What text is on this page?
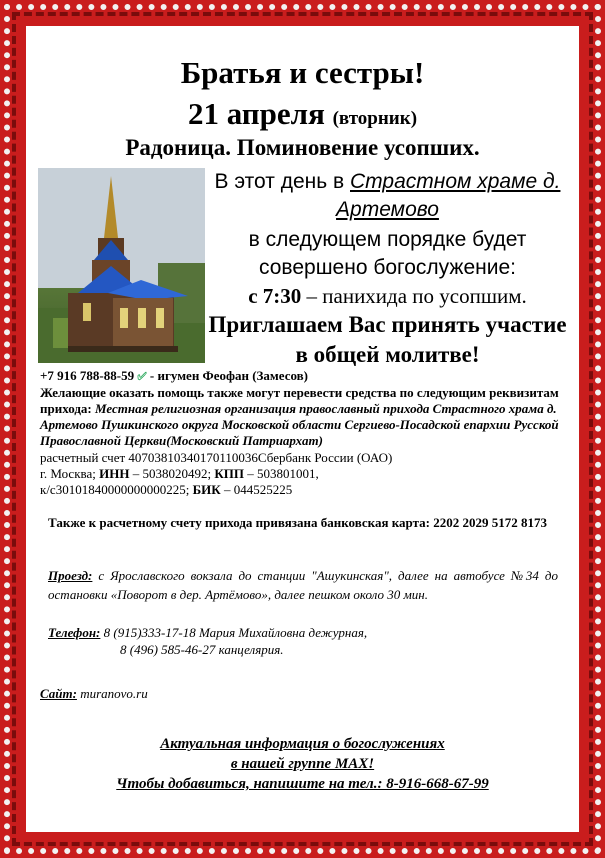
Братья и сестры!
21 апреля (вторник)
Радоница. Поминовение усопших.
В этот день в Страстном храме д. Артемово
в следующем порядке будет
совершено богослужение:
с 7:30 – панихида по усопшим.
Приглашаем Вас принять участие в общей молитве!
+7 916 788-88-59 ✅︎ - игумен Феофан (Замесов)
Желающие оказать помощь также могут перевести средства по следующим реквизитам прихода: Местная религиозная организация православный прихода Страстного храма д. Артемово Пушкинского округа Московской области Сергиево-Посадской епархии Русской Православной Церкви(Московский Патриархат)
расчетный счет 40703810340170110036Сбербанк России (ОАО)
г. Москва; ИНН – 5038020492; КПП – 503801001,
к/с30101840000000000225; БИК – 044525225
Также к расчетному счету прихода привязана банковская карта: 2202 2029 5172 8173
Проезд: с Ярославского вокзала до станции "Ашукинская", далее на автобусе №34 до остановки «Поворот в дер. Артёмово», далее пешком около 30 мин.
Телефон: 8 (915)333-17-18 Мария Михайловна дежурная,
8 (496) 585-46-27 канцелярия.
Сайт: muranovo.ru
Актуальная информация о богослужениях
в нашей группе MAX!
Чтобы добавиться, напишите на тел.: 8-916-668-67-99
